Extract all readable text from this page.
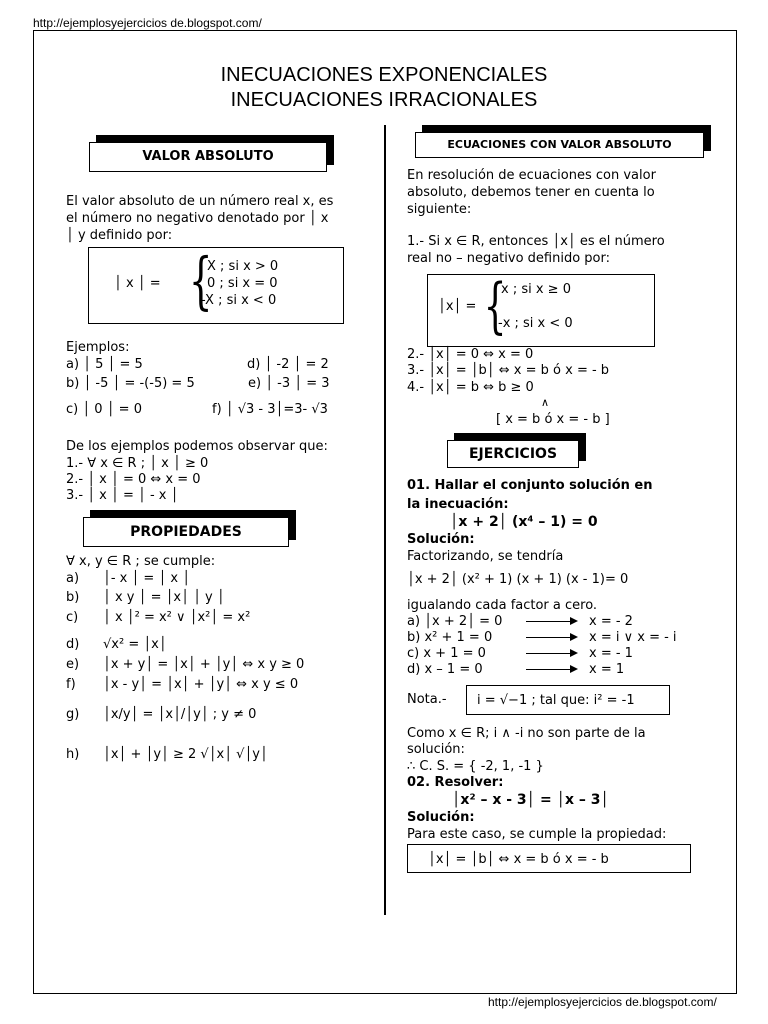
http://ejemplosyejercicios de.blogspot.com/
http://ejemplosyejercicios de.blogspot.com/
INECUACIONES EXPONENCIALES
INECUACIONES IRRACIONALES
VALOR ABSOLUTO
El valor absoluto de un número real x, es
el número no negativo denotado por │ x
│ y definido por:
│ x │ = {
X ; si x > 0
0 ; si x = 0
-X ; si x < 0
Ejemplos:
a) │ 5 │ = 5	d) │ -2 │ = 2
b) │ -5 │ = -(-5) = 5	e) │ -3 │ = 3
c) │ 0 │ = 0	f) │ √3 - 3│=3- √3
De los ejemplos podemos observar que:
1.- ∀ x ∈ R ; │ x │ ≥ 0
2.- │ x │ = 0 ⇔ x = 0
3.- │ x │ = │ - x │
PROPIEDADES
∀ x, y ∈ R ; se cumple:
a) │- x │ = │ x │
b) │ x y │ = │x│ │ y │
c) │ x │² = x² ∨ │x²│ = x²
d) √x² = │x│
e) │x + y│ = │x│ + │y│ ⇔ x y ≥ 0
f) │x - y│ = │x│ + │y│ ⇔ x y ≤ 0
g) │x/y│ = │x│/│y│ ; y ≠ 0
h) │x│ + │y│ ≥ 2 √│x│ √│y│
ECUACIONES CON VALOR ABSOLUTO
En resolución de ecuaciones con valor
absoluto, debemos tener en cuenta lo
siguiente:
1.- Si x ∈ R, entonces │x│ es el número
real no – negativo definido por:
│x│ = {
x ; si x ≥ 0
-x ; si x < 0
2.- │x│ = 0 ⇔ x = 0
3.- │x│ = │b│ ⇔ x = b ó x = - b
4.- │x│ = b ⇔ b ≥ 0
∧
[ x = b ó x = - b ]
EJERCICIOS
01. Hallar el conjunto solución en
la inecuación:
│x + 2│ (x⁴ – 1) = 0
Solución:
Factorizando, se tendría
│x + 2│ (x² + 1) (x + 1) (x - 1)= 0
igualando cada factor a cero.
a) │x + 2│ = 0	x = - 2
b) x² + 1 = 0	x = i ∨ x = - i
c) x + 1 = 0	x = - 1
d) x – 1 = 0	x = 1
Nota.- i = √−1 ; tal que: i² = -1
Como x ∈ R; i ∧ -i no son parte de la
solución:
∴ C. S. = { -2, 1, -1 }
02. Resolver:
│x² – x - 3│ = │x – 3│
Solución:
Para este caso, se cumple la propiedad:
│x│ = │b│ ⇔ x = b ó x = - b
